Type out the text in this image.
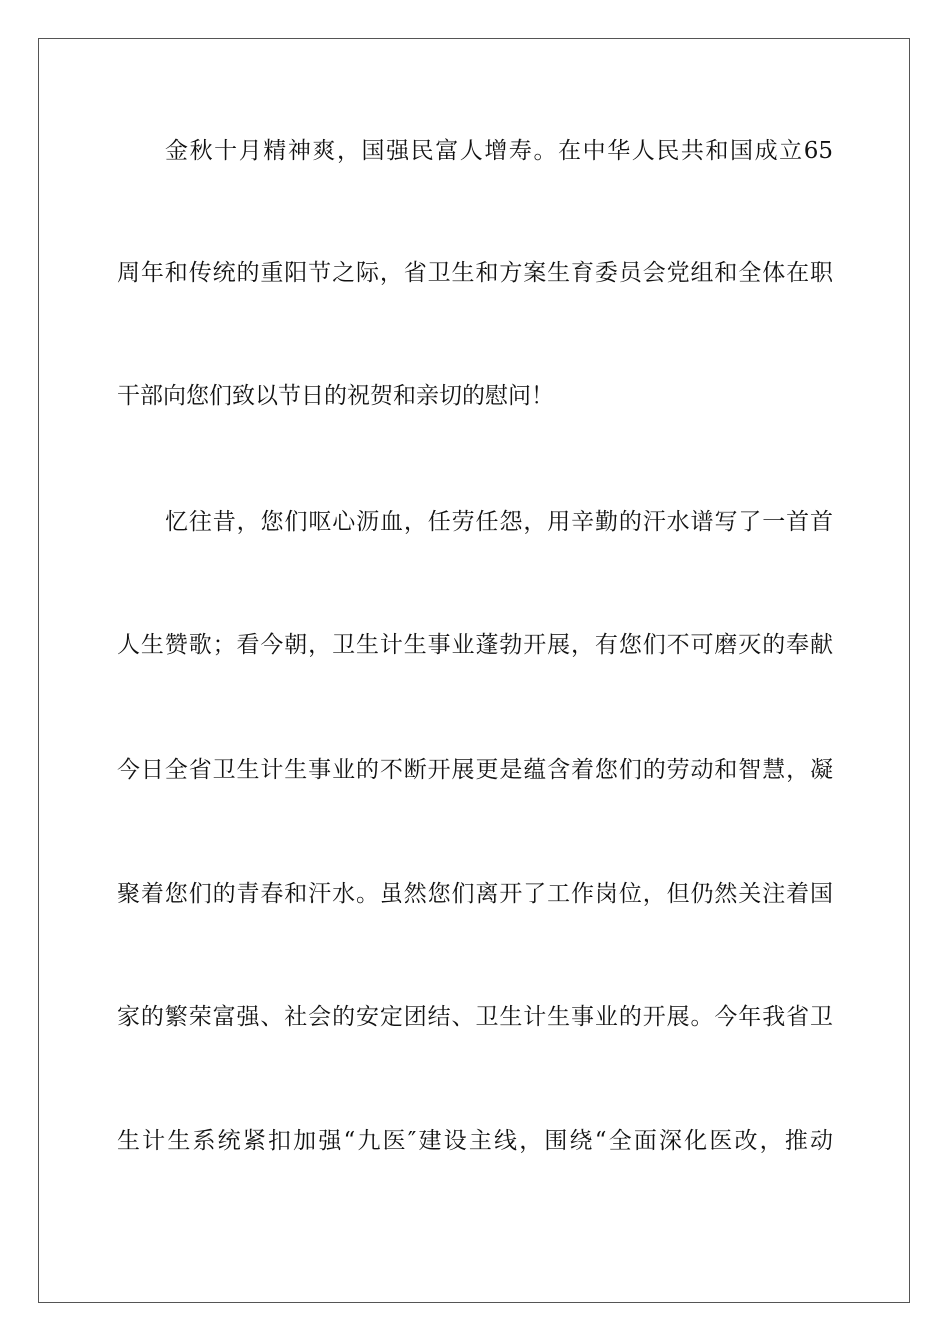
金秋十月精神爽，国强民富人增寿。在中华人民共和国成立65
周年和传统的重阳节之际，省卫生和方案生育委员会党组和全体在职
干部向您们致以节日的祝贺和亲切的慰问！
忆往昔，您们呕心沥血，任劳任怨，用辛勤的汗水谱写了一首首
人生赞歌；看今朝，卫生计生事业蓬勃开展，有您们不可磨灭的奉献
今日全省卫生计生事业的不断开展更是蕴含着您们的劳动和智慧，凝
聚着您们的青春和汗水。虽然您们离开了工作岗位，但仍然关注着国
家的繁荣富强、社会的安定团结、卫生计生事业的开展。今年我省卫
生计生系统紧扣加强“九医″建设主线，围绕“全面深化医改，推动
